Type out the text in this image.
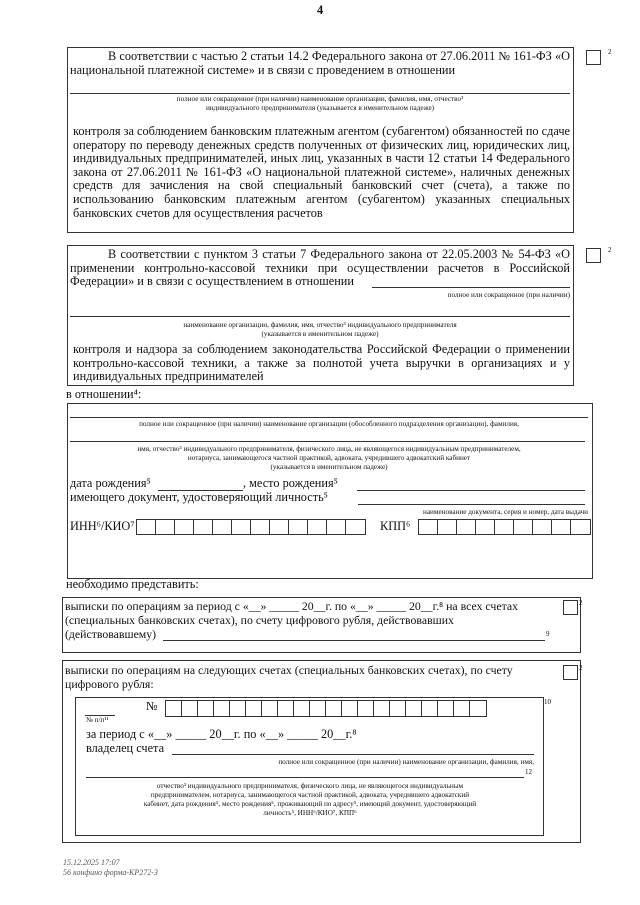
4
2
В соответствии с частью 2 статьи 14.2 Федерального закона от 27.06.2011 № 161-ФЗ «О национальной платежной системе» и в связи с проведением в отношении
полное или сокращенное (при наличии) наименование организации, фамилия, имя, отчество³
индивидуального предпринимателя (указывается в именительном падеже)
контроля за соблюдением банковским платежным агентом (субагентом) обязанностей по сдаче оператору по переводу денежных средств полученных от физических лиц, юридических лиц, индивидуальных предпринимателей, иных лиц, указанных в части 12 статьи 14 Федерального закона от 27.06.2011 № 161-ФЗ «О национальной платежной системе», наличных денежных средств для зачисления на свой специальный банковский счет (счета), а также по использованию банковским платежным агентом (субагентом) указанных специальных банковских счетов для осуществления расчетов
2
В соответствии с пунктом 3 статьи 7 Федерального закона от 22.05.2003 № 54-ФЗ «О применении контрольно-кассовой техники при осуществлении расчетов в Российской Федерации» и в связи с осуществлением в отношении
полное или сокращенное (при наличии)
наименование организации, фамилия, имя, отчество³ индивидуального предпринимателя
(указывается в именительном падеже)
контроля и надзора за соблюдением законодательства Российской Федерации о применении контрольно-кассовой техники, а также за полнотой учета выручки в организациях и у индивидуальных предпринимателей
в отношении⁴:
полное или сокращенное (при наличии) наименование организации (обособленного подразделения организации), фамилия,
имя, отчество³ индивидуального предпринимателя, физического лица, не являющегося индивидуальным предпринимателем,
нотариуса, занимающегося частной практикой, адвоката, учредившего адвокатский кабинет
(указывается в именительном падеже)
дата рождения⁵	, место рождения⁵
имеющего документ, удостоверяющий личность⁵
наименование документа, серия и номер, дата выдачи
ИНН⁶/КИО⁷	КПП⁶
необходимо представить:
выписки по операциям за период с «__» _____ 20__г. по «__» _____ 20__г.⁸ на всех счетах	2
(специальных банковских счетах), по счету цифрового рубля, действовавших
(действовавшему)	9
выписки по операциям на следующих счетах (специальных банковских счетах), по счету	2
цифрового рубля:
№	10
№ п/п¹¹
за период с «__» _____ 20__г. по «__» _____ 20__г.⁸
владелец счета
полное или сокращенное (при наличии) наименование организации, фамилия, имя,
12
отчество³ индивидуального предпринимателя, физического лица, не являющегося индивидуальным
предпринимателем, нотариуса, занимающегося частной практикой, адвоката, учредившего адвокатский
кабинет, дата рождения⁵, место рождения⁵, проживающий по адресу⁵, имеющий документ, удостоверяющий
личность⁵, ИНН⁶/КИО⁷, КПП⁶
15.12.2025 17:07
56 конфино форма-КР272-3
